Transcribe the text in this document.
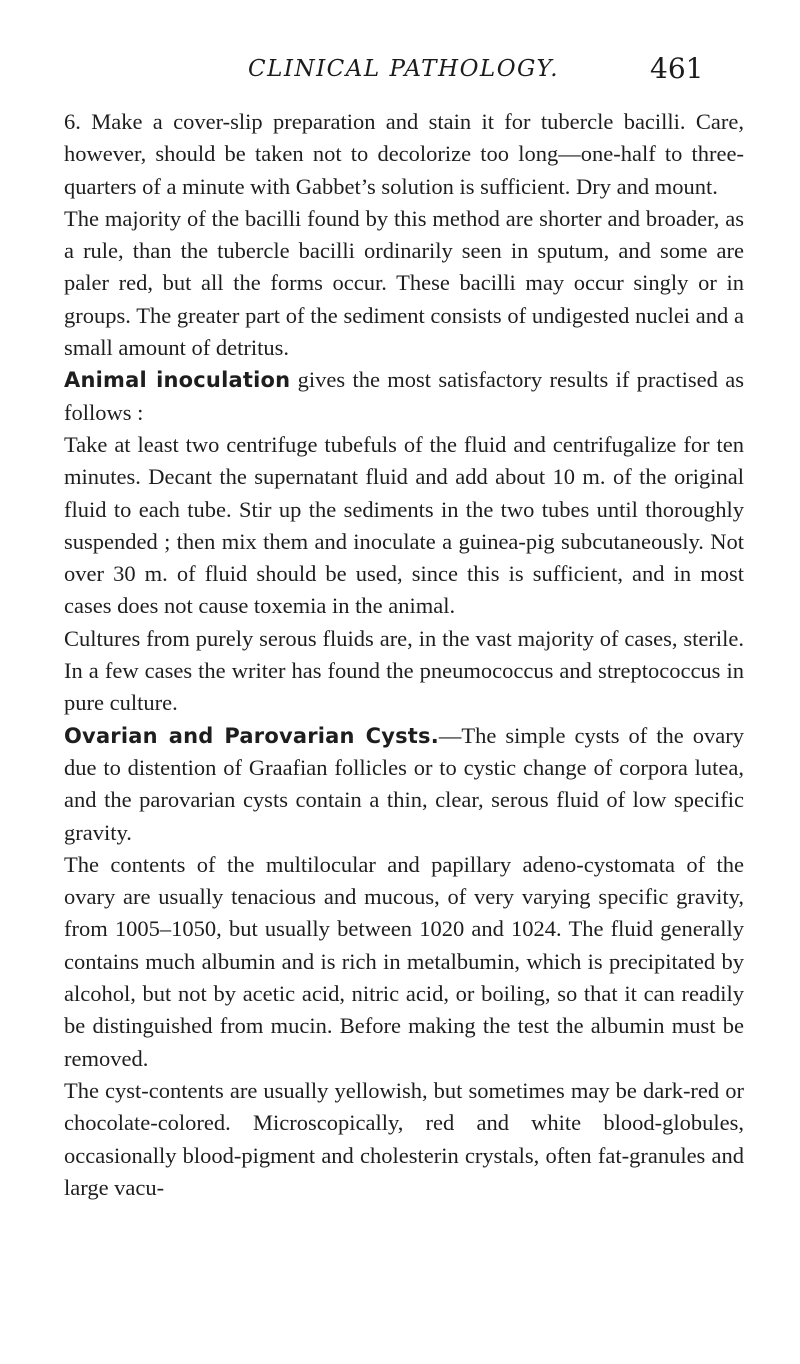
CLINICAL PATHOLOGY.	461

6. Make a cover-slip preparation and stain it for tubercle bacilli. Care, however, should be taken not to decolorize too long—one-half to three-quarters of a minute with Gabbet’s solution is sufficient. Dry and mount.

The majority of the bacilli found by this method are shorter and broader, as a rule, than the tubercle bacilli ordinarily seen in sputum, and some are paler red, but all the forms occur. These bacilli may occur singly or in groups. The greater part of the sediment consists of undigested nuclei and a small amount of detritus.

Animal inoculation gives the most satisfactory results if practised as follows :

Take at least two centrifuge tubefuls of the fluid and centrifugalize for ten minutes. Decant the supernatant fluid and add about 10 m. of the original fluid to each tube. Stir up the sediments in the two tubes until thoroughly suspended ; then mix them and inoculate a guinea-pig subcutaneously. Not over 30 m. of fluid should be used, since this is sufficient, and in most cases does not cause toxemia in the animal.

Cultures from purely serous fluids are, in the vast majority of cases, sterile. In a few cases the writer has found the pneumococcus and streptococcus in pure culture.

Ovarian and Parovarian Cysts.—The simple cysts of the ovary due to distention of Graafian follicles or to cystic change of corpora lutea, and the parovarian cysts contain a thin, clear, serous fluid of low specific gravity.

The contents of the multilocular and papillary adeno-cystomata of the ovary are usually tenacious and mucous, of very varying specific gravity, from 1005–1050, but usually between 1020 and 1024. The fluid generally contains much albumin and is rich in metalbumin, which is precipitated by alcohol, but not by acetic acid, nitric acid, or boiling, so that it can readily be distinguished from mucin. Before making the test the albumin must be removed.

The cyst-contents are usually yellowish, but sometimes may be dark-red or chocolate-colored. Microscopically, red and white blood-globules, occasionally blood-pigment and cholesterin crystals, often fat-granules and large vacu-
